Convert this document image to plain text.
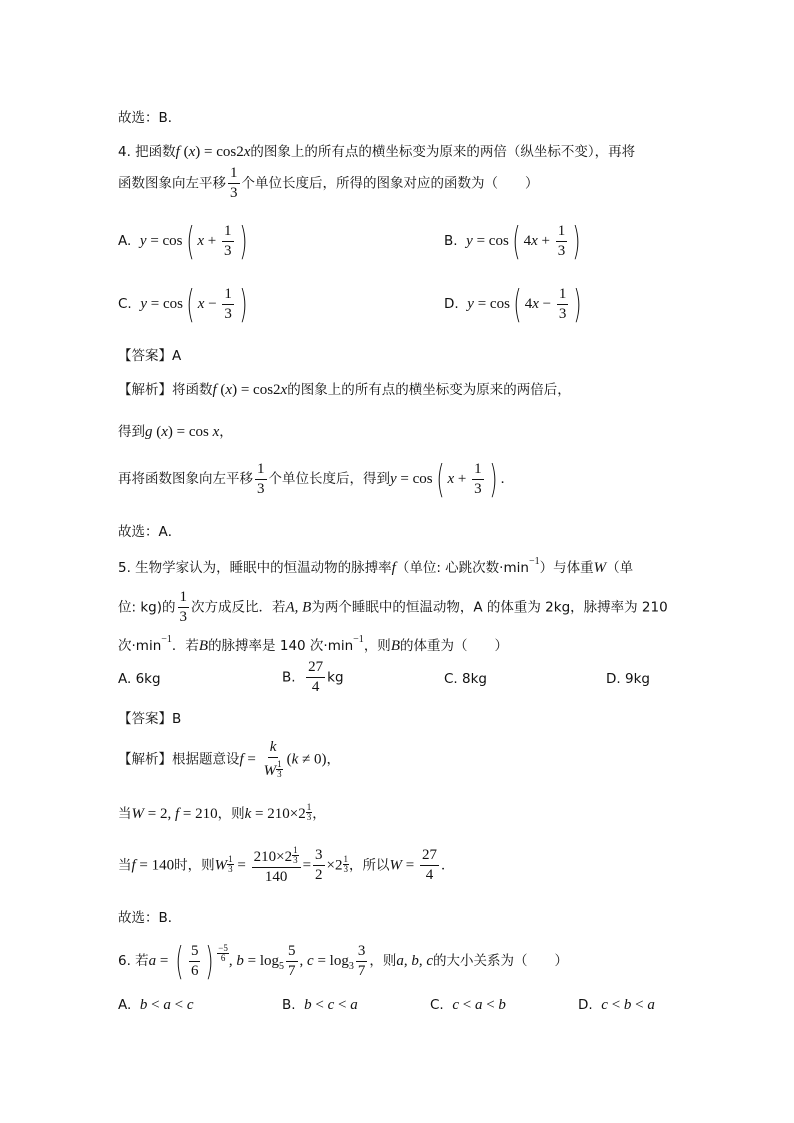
故选：B．
4. 把函数f (x) = cos2x的图象上的所有点的横坐标变为原来的两倍（纵坐标不变），再将
函数图象向左平移 $\frac{1}{3}$ 个单位长度后，所得的图象对应的函数为（　　）
A. y = cos( $x + \frac{1}{3}$ )	B. y = cos( $4x + \frac{1}{3}$ )
C. y = cos( $x - \frac{1}{3}$ )	D. y = cos( $4x - \frac{1}{3}$ )
【答案】A
【解析】将函数f (x) = cos2x的图象上的所有点的横坐标变为原来的两倍后，
得到g (x) = cos x，
再将函数图象向左平移 $\frac{1}{3}$ 个单位长度后，得到y = cos( $x + \frac{1}{3}$ ) ．
故选：A．
5. 生物学家认为，睡眠中的恒温动物的脉搏率f（单位: 心跳次数$\cdot\min^{-1}$）与体重W（单
位: kg)的 $\frac{1}{3}$ 次方成反比．若A, B为两个睡眠中的恒温动物，A 的体重为 2kg，脉搏率为 210
次$\cdot\min^{-1}$．若B的脉搏率是 140 次$\cdot\min^{-1}$，则B的体重为（　　）
A. 6kg	B. $\frac{27}{4}$ kg	C. 8kg	D. 9kg
【答案】B
【解析】根据题意设$f = \frac{k}{W \frac{1}{3}} (k \ne 0)$，
当W = 2, f = 210，则$k = 210\times 2 \frac{1}{3}$ ，
当f = 140时，则W $\frac{1}{3} = \frac{210\times 2 \frac{1}{3}}{140} = \frac{3}{2} \times 2 \frac{1}{3}$ ，所以$W = \frac{27}{4}$ ．
故选：B．
6. 若a = ( $\frac{5}{6}$ ) $\frac{-5}{6}$ , $b = \log_5 \frac{5}{7}$ , $c = \log_3 \frac{3}{7}$ ，则a, b, c的大小关系为（　　）
A. b < a < c	B. b < c < a	C. c < a < b	D. c < b < a
